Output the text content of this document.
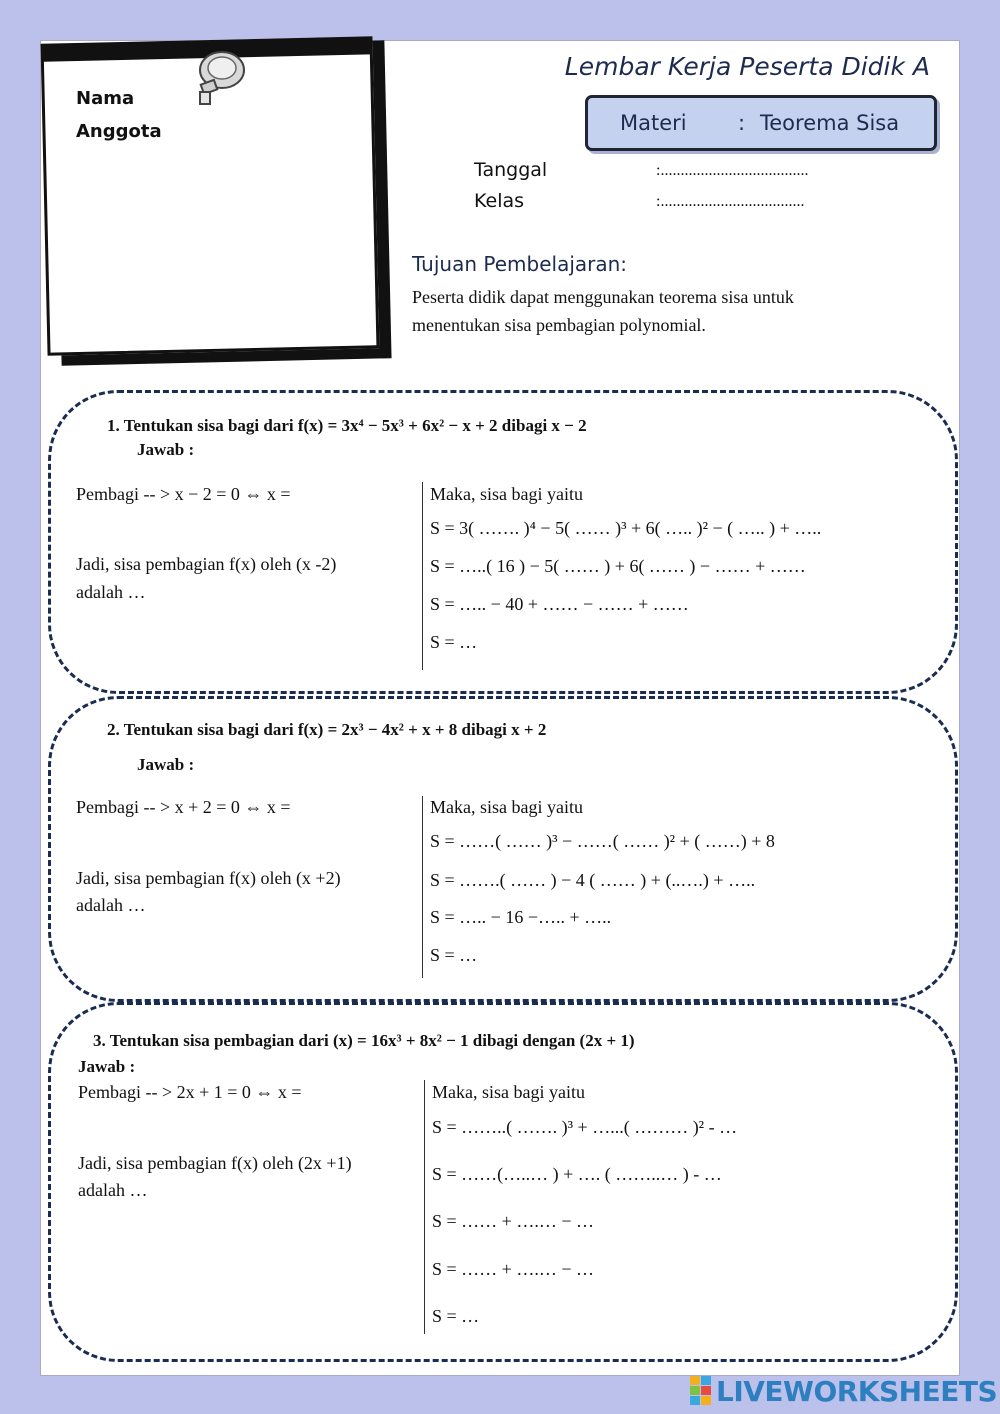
Nama
Anggota
Lembar Kerja Peserta Didik A
Materi	: Teorema Sisa
Tanggal	:.....................................
Kelas	:....................................
Tujuan Pembelajaran:
Peserta didik dapat menggunakan teorema sisa untuk menentukan sisa pembagian polynomial.
1. Tentukan sisa bagi dari f(x) = 3x⁴ − 5x³ + 6x² − x + 2 dibagi x − 2
Jawab :
Pembagi -- > x − 2 = 0 ⇔ x =
Jadi, sisa pembagian f(x) oleh (x -2)
adalah …
Maka, sisa bagi yaitu
S = 3( ……. )⁴ − 5( …… )³ + 6( ….. )² − ( ….. ) + …..
S = …..( 16 ) − 5( …… ) + 6( …… ) − …… + ……
S = ….. − 40 + …… − …… + ……
S = …
2. Tentukan sisa bagi dari f(x) = 2x³ − 4x² + x + 8 dibagi x + 2
Jawab :
Pembagi -- > x + 2 = 0 ⇔ x =
Jadi, sisa pembagian f(x) oleh (x +2)
adalah …
Maka, sisa bagi yaitu
S = ……( …… )³ − ……( …… )² + ( ……) + 8
S = …….( …… ) − 4 ( …… ) + (..….) + …..
S = ….. − 16 −….. + …..
S = …
3. Tentukan sisa pembagian dari (x) = 16x³ + 8x² − 1 dibagi dengan (2x + 1)
Jawab :
Pembagi -- > 2x + 1 = 0 ⇔ x =
Jadi, sisa pembagian f(x) oleh (2x +1)
adalah …
Maka, sisa bagi yaitu
S = ……..( ……. )³ + …...( ……… )² - …
S = ……(…..… ) + …. ( ……..… ) - …
S = …… + ….… − …
S = …… + ….… − …
S = …
LIVEWORKSHEETS
